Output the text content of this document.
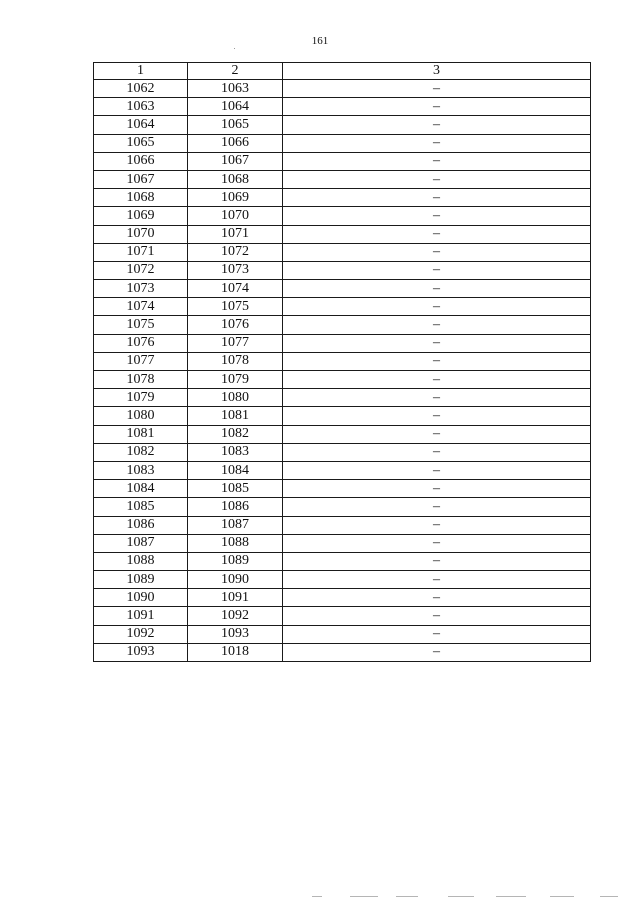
161
1	2	3
1062	1063	–
1063	1064	–
1064	1065	–
1065	1066	–
1066	1067	–
1067	1068	–
1068	1069	–
1069	1070	–
1070	1071	–
1071	1072	–
1072	1073	–
1073	1074	–
1074	1075	–
1075	1076	–
1076	1077	–
1077	1078	–
1078	1079	–
1079	1080	–
1080	1081	–
1081	1082	–
1082	1083	–
1083	1084	–
1084	1085	–
1085	1086	–
1086	1087	–
1087	1088	–
1088	1089	–
1089	1090	–
1090	1091	–
1091	1092	–
1092	1093	–
1093	1018	–
